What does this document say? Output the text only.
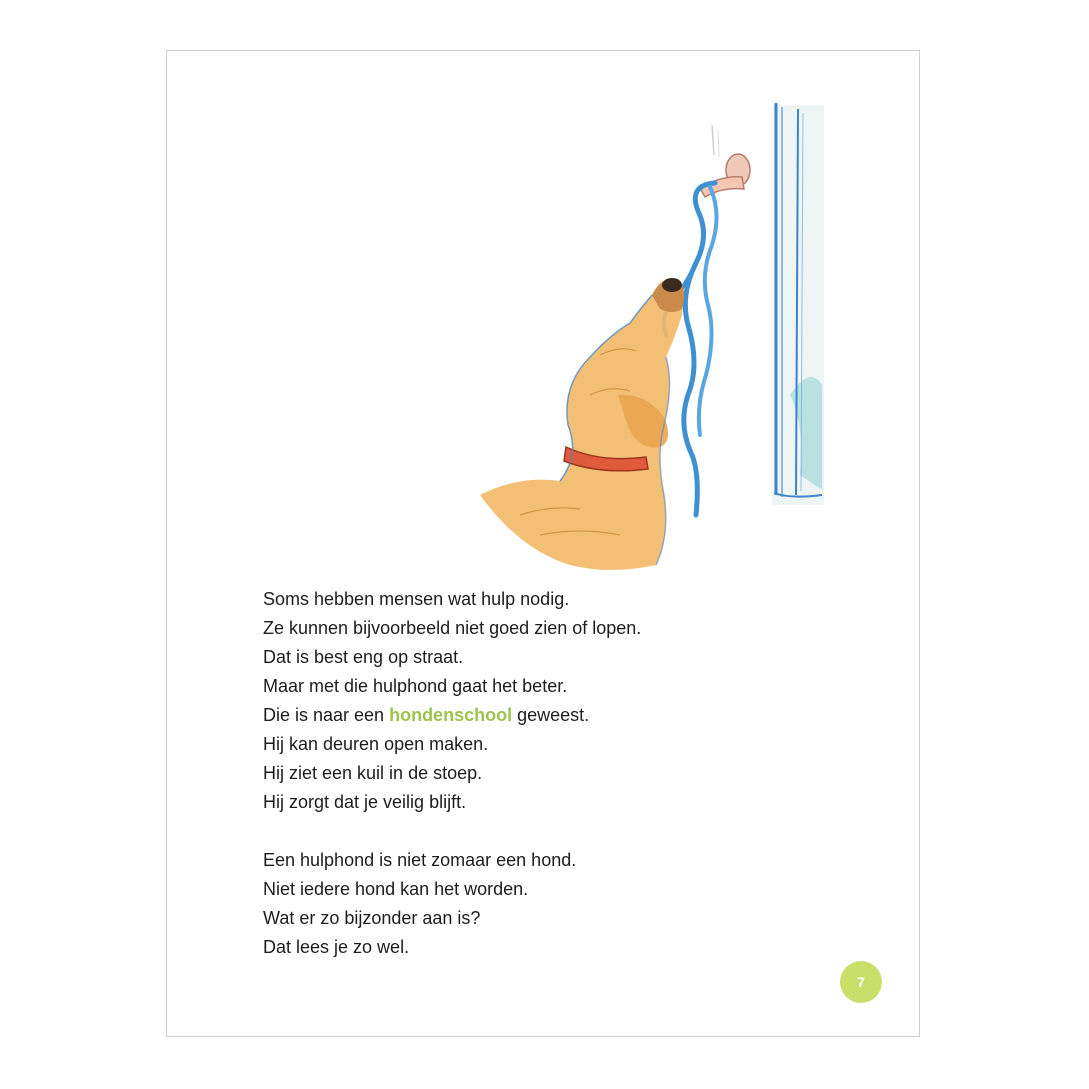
Soms hebben mensen wat hulp nodig.

Ze kunnen bijvoorbeeld niet goed zien of lopen.

Dat is best eng op straat.

Maar met die hulphond gaat het beter.

Die is naar een hondenschool geweest.

Hij kan deuren open maken.

Hij ziet een kuil in de stoep.

Hij zorgt dat je veilig blijft.

Een hulphond is niet zomaar een hond.

Niet iedere hond kan het worden.

Wat er zo bijzonder aan is?

Dat lees je zo wel.

7
